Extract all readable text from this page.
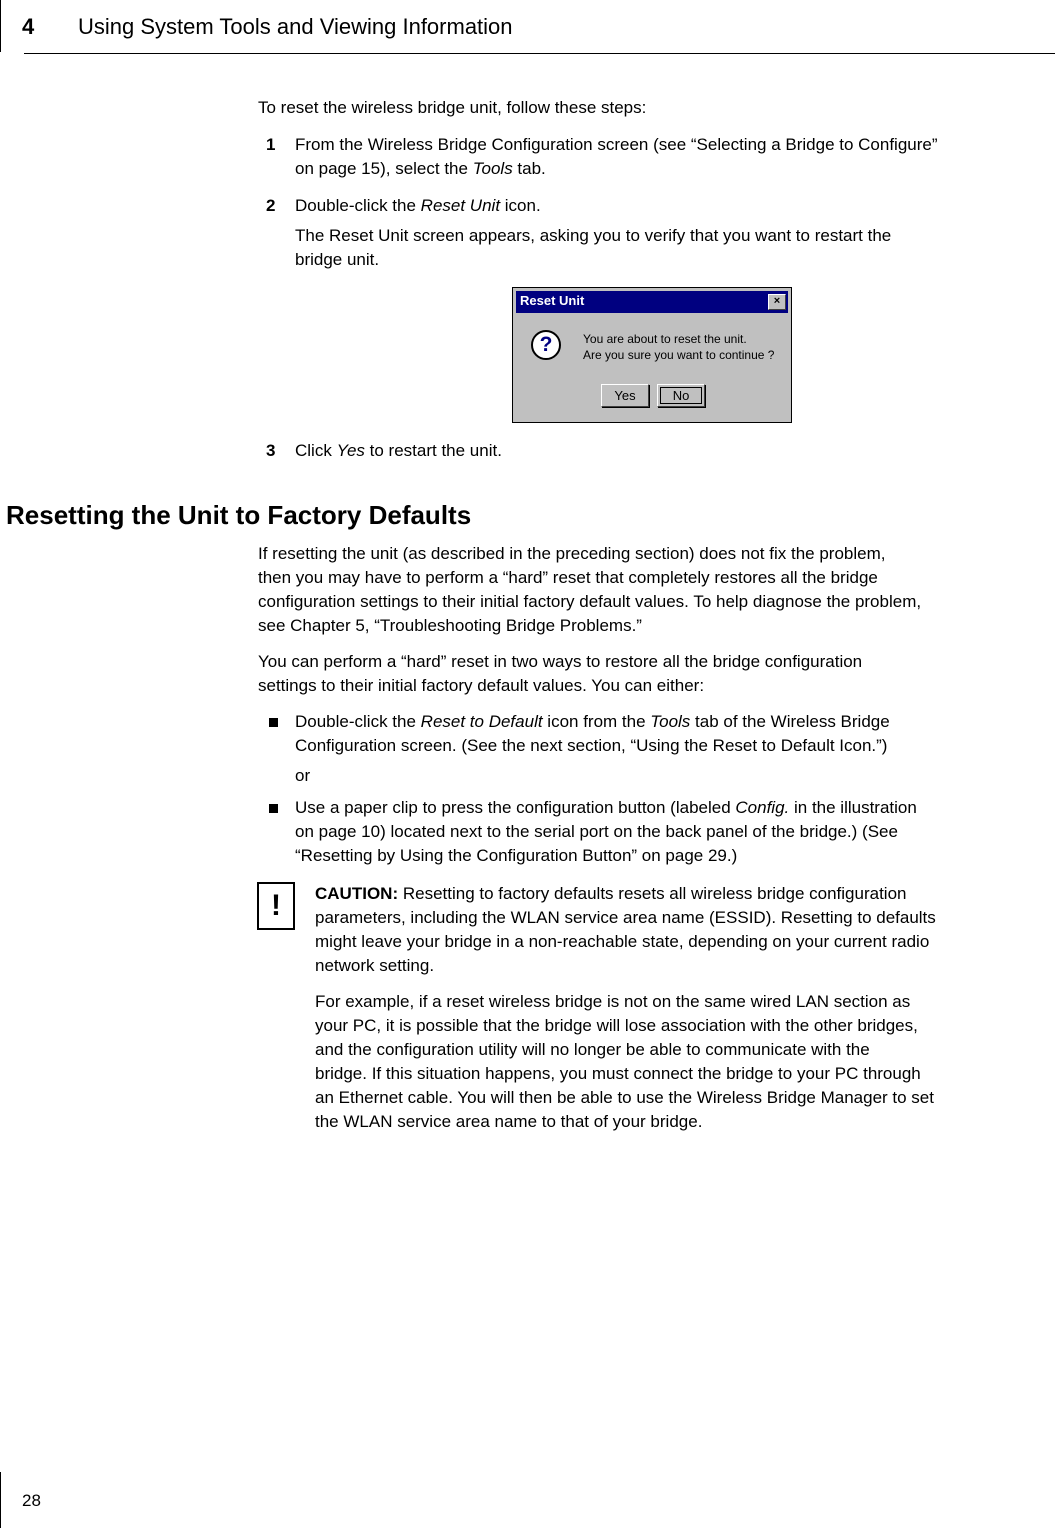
4 Using System Tools and Viewing Information
To reset the wireless bridge unit, follow these steps:
1 From the Wireless Bridge Configuration screen (see “Selecting a Bridge to Configure”
on page 15), select the Tools tab.
2 Double-click the Reset Unit icon.
The Reset Unit screen appears, asking you to verify that you want to restart the
bridge unit.
Reset Unit	×
?	You are about to reset the unit.
Are you sure you want to continue ?
Yes	No
3 Click Yes to restart the unit.
Resetting the Unit to Factory Defaults
If resetting the unit (as described in the preceding section) does not fix the problem,
then you may have to perform a “hard” reset that completely restores all the bridge
configuration settings to their initial factory default values. To help diagnose the problem,
see Chapter 5, “Troubleshooting Bridge Problems.”
You can perform a “hard” reset in two ways to restore all the bridge configuration
settings to their initial factory default values. You can either:
Double-click the Reset to Default icon from the Tools tab of the Wireless Bridge
Configuration screen. (See the next section, “Using the Reset to Default Icon.”)
or
Use a paper clip to press the configuration button (labeled Config. in the illustration
on page 10) located next to the serial port on the back panel of the bridge.) (See
“Resetting by Using the Configuration Button” on page 29.)
!	CAUTION: Resetting to factory defaults resets all wireless bridge configuration
parameters, including the WLAN service area name (ESSID). Resetting to defaults
might leave your bridge in a non-reachable state, depending on your current radio
network setting.
For example, if a reset wireless bridge is not on the same wired LAN section as
your PC, it is possible that the bridge will lose association with the other bridges,
and the configuration utility will no longer be able to communicate with the
bridge. If this situation happens, you must connect the bridge to your PC through
an Ethernet cable. You will then be able to use the Wireless Bridge Manager to set
the WLAN service area name to that of your bridge.
28
